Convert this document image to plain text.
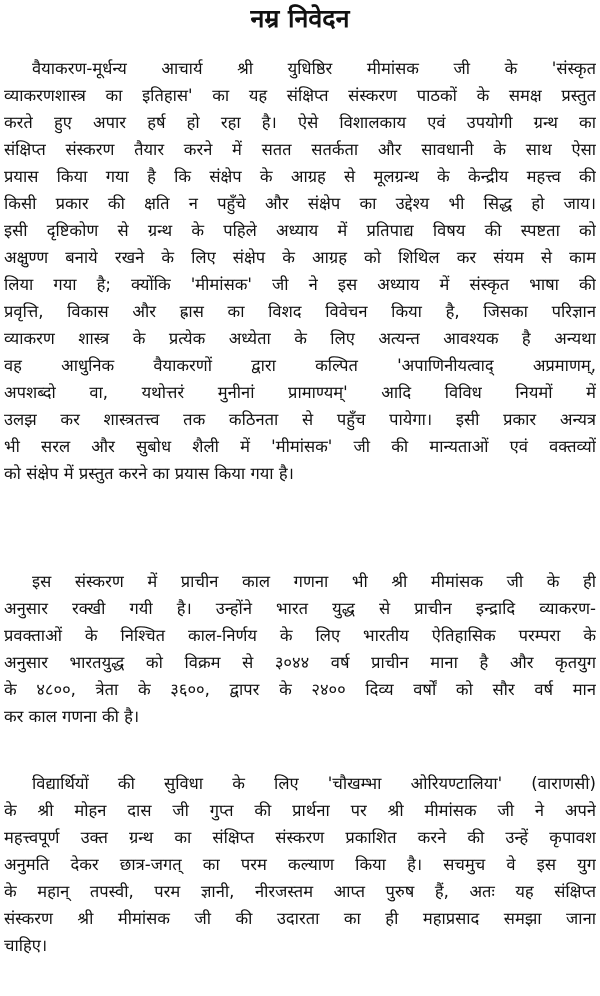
नम्र निवेदन
वैयाकरण-मूर्धन्य आचार्य श्री युधिष्ठिर मीमांसक जी के 'संस्कृत
व्याकरणशास्त्र का इतिहास' का यह संक्षिप्त संस्करण पाठकों के समक्ष प्रस्तुत
करते हुए अपार हर्ष हो रहा है। ऐसे विशालकाय एवं उपयोगी ग्रन्थ का
संक्षिप्त संस्करण तैयार करने में सतत सतर्कता और सावधानी के साथ ऐसा
प्रयास किया गया है कि संक्षेप के आग्रह से मूलग्रन्थ के केन्द्रीय महत्त्व की
किसी प्रकार की क्षति न पहुँचे और संक्षेप का उद्देश्य भी सिद्ध हो जाय।
इसी दृष्टिकोण से ग्रन्थ के पहिले अध्याय में प्रतिपाद्य विषय की स्पष्टता को
अक्षुण्ण बनाये रखने के लिए संक्षेप के आग्रह को शिथिल कर संयम से काम
लिया गया है; क्योंकि 'मीमांसक' जी ने इस अध्याय में संस्कृत भाषा की
प्रवृत्ति, विकास और ह्रास का विशद विवेचन किया है, जिसका परिज्ञान
व्याकरण शास्त्र के प्रत्येक अध्येता के लिए अत्यन्त आवश्यक है अन्यथा
वह आधुनिक वैयाकरणों द्वारा कल्पित 'अपाणिनीयत्वाद् अप्रमाणम्,
अपशब्दो वा, यथोत्तरं मुनीनां प्रामाण्यम्' आदि विविध नियमों में
उलझ कर शास्त्रतत्त्व तक कठिनता से पहुँच पायेगा। इसी प्रकार अन्यत्र
भी सरल और सुबोध शैली में 'मीमांसक' जी की मान्यताओं एवं वक्तव्यों
को संक्षेप में प्रस्तुत करने का प्रयास किया गया है।
इस संस्करण में प्राचीन काल गणना भी श्री मीमांसक जी के ही
अनुसार रक्खी गयी है। उन्होंने भारत युद्ध से प्राचीन इन्द्रादि व्याकरण-
प्रवक्ताओं के निश्चित काल-निर्णय के लिए भारतीय ऐतिहासिक परम्परा के
अनुसार भारतयुद्ध को विक्रम से ३०४४ वर्ष प्राचीन माना है और कृतयुग
के ४८००, त्रेता के ३६००, द्वापर के २४०० दिव्य वर्षों को सौर वर्ष मान
कर काल गणना की है।
विद्यार्थियों की सुविधा के लिए 'चौखम्भा ओरियण्टालिया' (वाराणसी)
के श्री मोहन दास जी गुप्त की प्रार्थना पर श्री मीमांसक जी ने अपने
महत्त्वपूर्ण उक्त ग्रन्थ का संक्षिप्त संस्करण प्रकाशित करने की उन्हें कृपावश
अनुमति देकर छात्र-जगत् का परम कल्याण किया है। सचमुच वे इस युग
के महान् तपस्वी, परम ज्ञानी, नीरजस्तम आप्त पुरुष हैं, अतः यह संक्षिप्त
संस्करण श्री मीमांसक जी की उदारता का ही महाप्रसाद समझा जाना
चाहिए।
